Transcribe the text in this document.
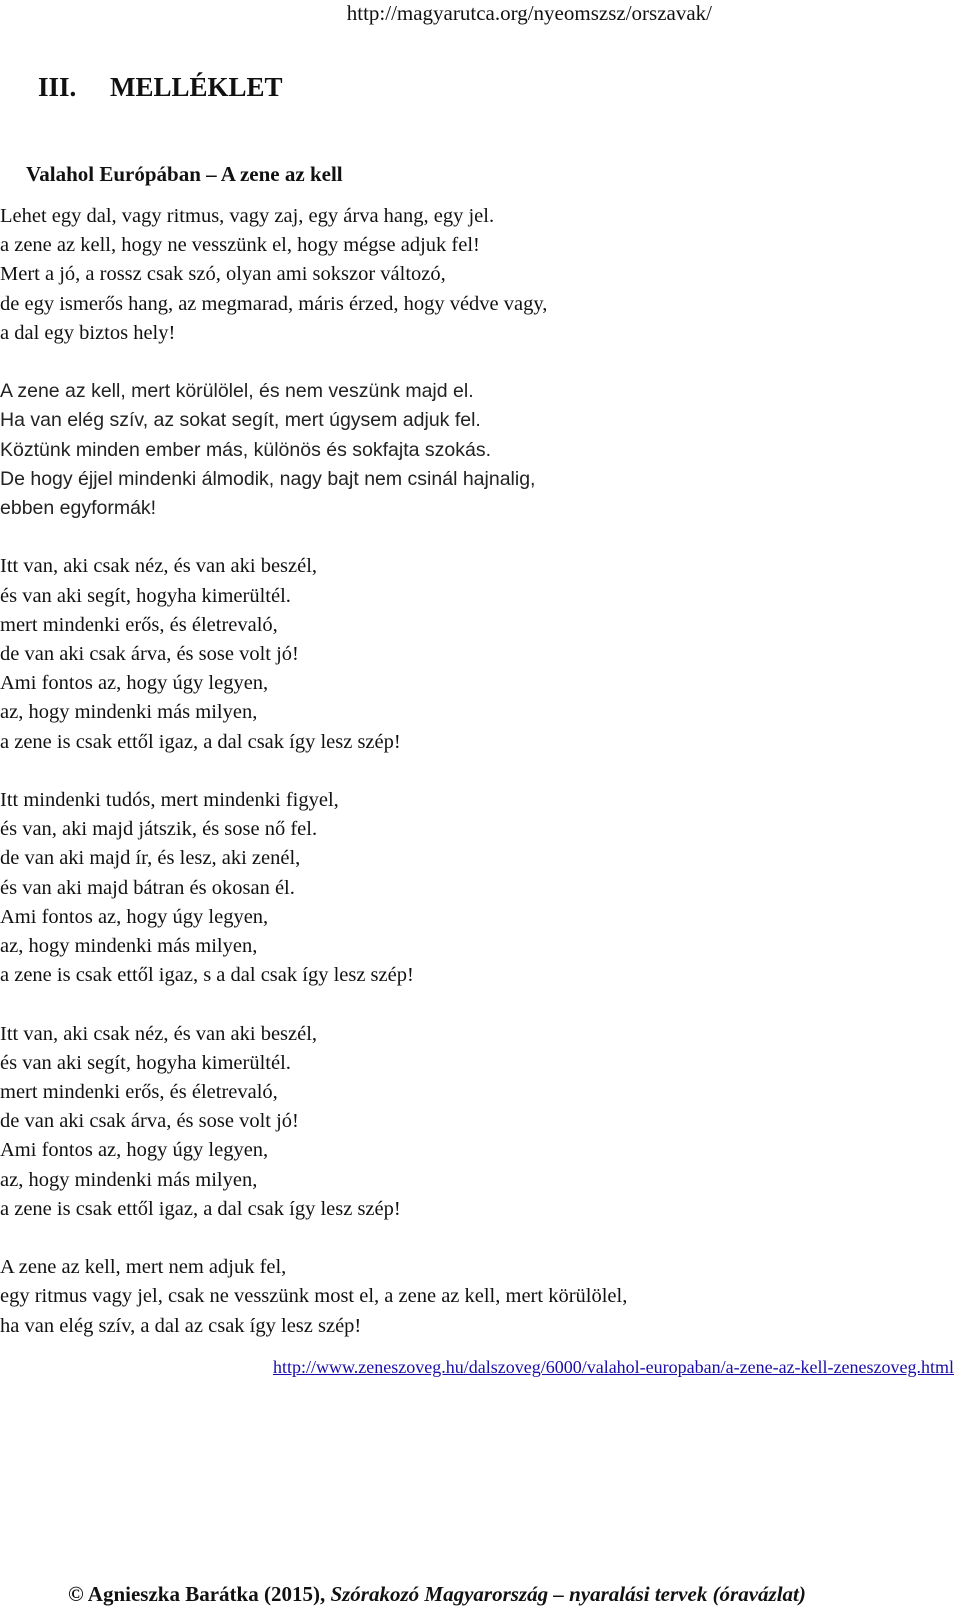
http://magyarutca.org/nyeomszsz/orszavak/
III. MELLÉKLET
Valahol Európában – A zene az kell
Lehet egy dal, vagy ritmus, vagy zaj, egy árva hang, egy jel.
a zene az kell, hogy ne vesszünk el, hogy mégse adjuk fel!
Mert a jó, a rossz csak szó, olyan ami sokszor változó,
de egy ismerős hang, az megmarad, máris érzed, hogy védve vagy,
a dal egy biztos hely!
A zene az kell, mert körülölel, és nem veszünk majd el.
Ha van elég szív, az sokat segít, mert úgysem adjuk fel.
Köztünk minden ember más, különös és sokfajta szokás.
De hogy éjjel mindenki álmodik, nagy bajt nem csinál hajnalig,
ebben egyformák!
Itt van, aki csak néz, és van aki beszél,
és van aki segít, hogyha kimerültél.
mert mindenki erős, és életrevaló,
de van aki csak árva, és sose volt jó!
Ami fontos az, hogy úgy legyen,
az, hogy mindenki más milyen,
a zene is csak ettől igaz, a dal csak így lesz szép!
Itt mindenki tudós, mert mindenki figyel,
és van, aki majd játszik, és sose nő fel.
de van aki majd ír, és lesz, aki zenél,
és van aki majd bátran és okosan él.
Ami fontos az, hogy úgy legyen,
az, hogy mindenki más milyen,
a zene is csak ettől igaz, s a dal csak így lesz szép!
Itt van, aki csak néz, és van aki beszél,
és van aki segít, hogyha kimerültél.
mert mindenki erős, és életrevaló,
de van aki csak árva, és sose volt jó!
Ami fontos az, hogy úgy legyen,
az, hogy mindenki más milyen,
a zene is csak ettől igaz, a dal csak így lesz szép!
A zene az kell, mert nem adjuk fel,
egy ritmus vagy jel, csak ne vesszünk most el, a zene az kell, mert körülölel,
ha van elég szív, a dal az csak így lesz szép!
http://www.zeneszoveg.hu/dalszoveg/6000/valahol-europaban/a-zene-az-kell-zeneszoveg.html
© Agnieszka Barátka (2015), Szórakozó Magyarország – nyaralási tervek (óravázlat)
